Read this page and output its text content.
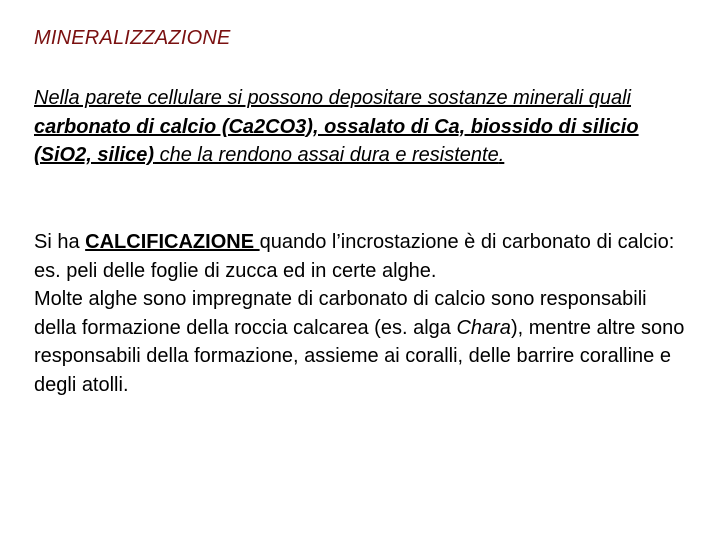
MINERALIZZAZIONE
Nella parete cellulare si possono depositare sostanze minerali quali carbonato di calcio (Ca2CO3), ossalato di Ca, biossido di silicio (SiO2, silice) che la rendono assai dura e resistente.
Si ha CALCIFICAZIONE quando l’incrostazione è di carbonato di calcio: es. peli delle foglie di zucca ed in certe alghe.
Molte alghe sono impregnate di carbonato di calcio sono responsabili della formazione della roccia calcarea (es. alga Chara), mentre altre sono responsabili della formazione, assieme ai coralli, delle barrire coralline e degli atolli.
